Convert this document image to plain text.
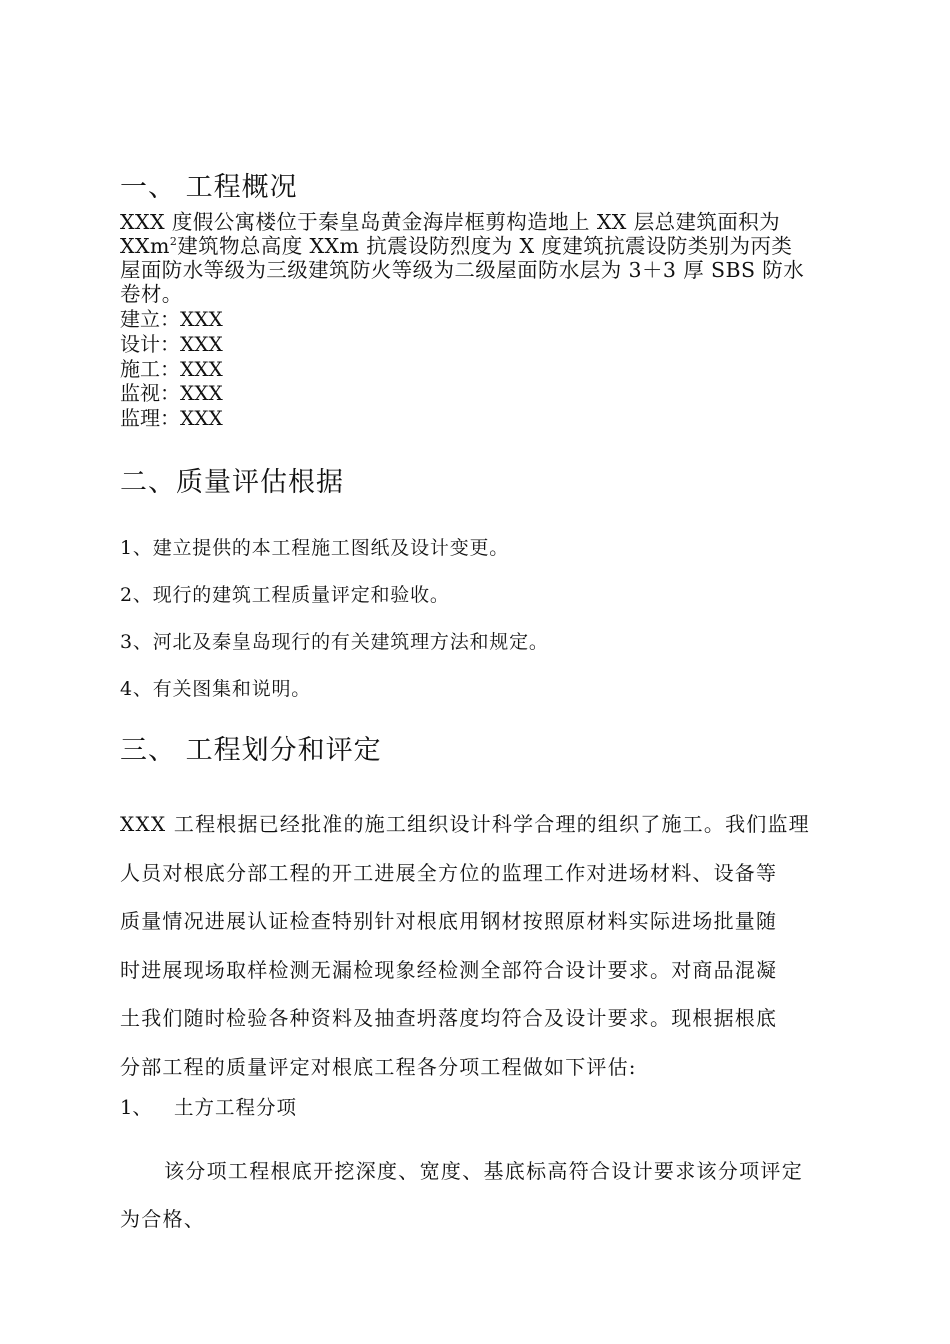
一、 工程概况
XXX 度假公寓楼位于秦皇岛黄金海岸框剪构造地上 XX 层总建筑面积为
XXm$^2$建筑物总高度 XXm 抗震设防烈度为 X 度建筑抗震设防类别为丙类
屋面防水等级为三级建筑防火等级为二级屋面防水层为 3＋3 厚 SBS 防水
卷材。
建立：XXX
设计：XXX
施工：XXX
监视：XXX
监理：XXX
二、质量评估根据
1、建立提供的本工程施工图纸及设计变更。
2、现行的建筑工程质量评定和验收。
3、河北及秦皇岛现行的有关建筑理方法和规定。
4、有关图集和说明。
三、 工程划分和评定
XXX 工程根据已经批准的施工组织设计科学合理的组织了施工。我们监理
人员对根底分部工程的开工进展全方位的监理工作对进场材料、设备等
质量情况进展认证检查特别针对根底用钢材按照原材料实际进场批量随
时进展现场取样检测无漏检现象经检测全部符合设计要求。对商品混凝
土我们随时检验各种资料及抽查坍落度均符合及设计要求。现根据根底
分部工程的质量评定对根底工程各分项工程做如下评估:
1、 土方工程分项
该分项工程根底开挖深度、宽度、基底标高符合设计要求该分项评定
为合格、
